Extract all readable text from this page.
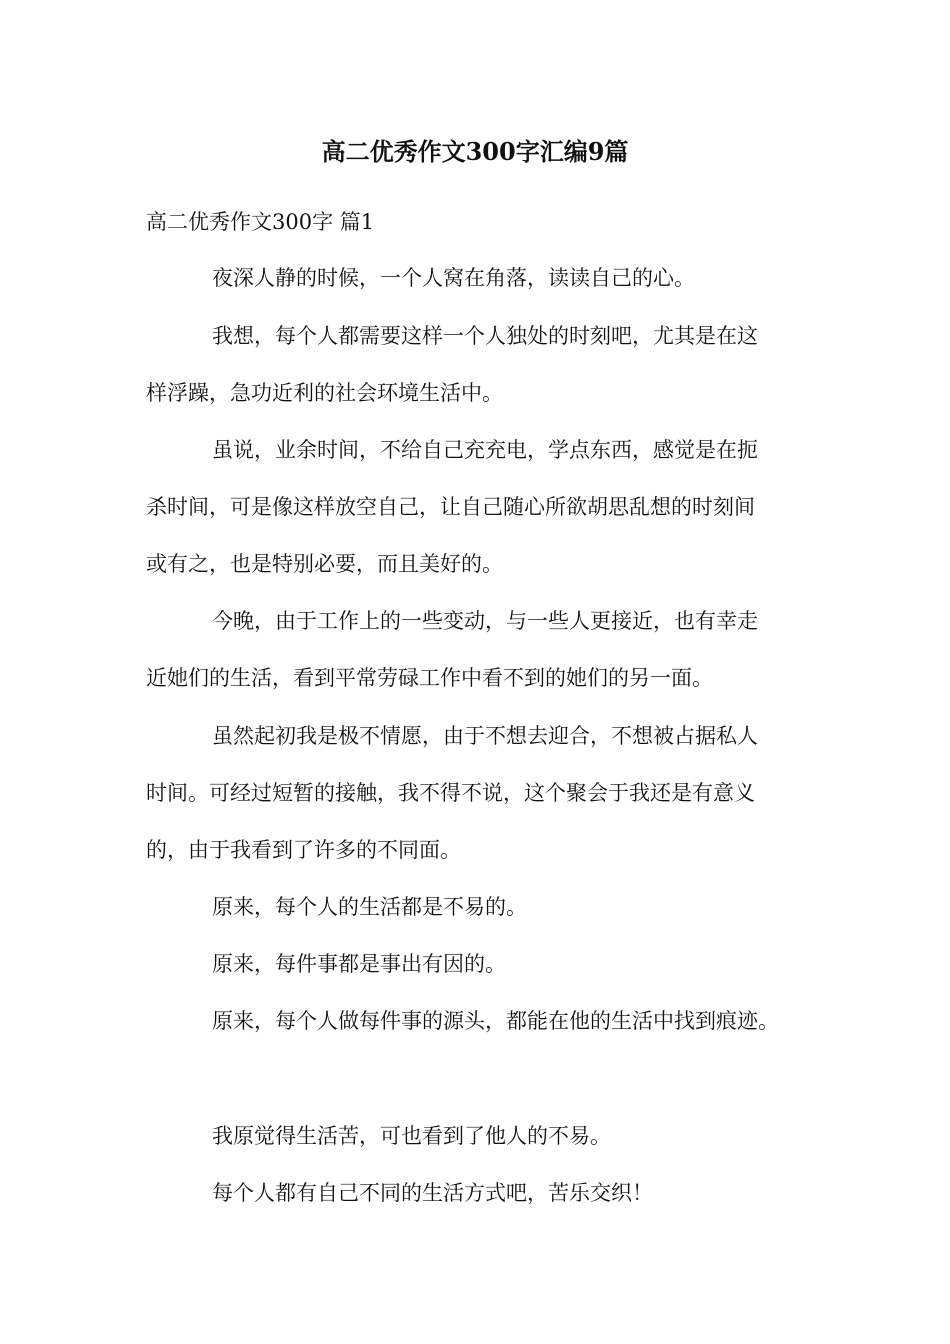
高二优秀作文300字汇编9篇
高二优秀作文300字 篇1
夜深人静的时候，一个人窝在角落，读读自己的心。
我想，每个人都需要这样一个人独处的时刻吧，尤其是在这
样浮躁，急功近利的社会环境生活中。
虽说，业余时间，不给自己充充电，学点东西，感觉是在扼
杀时间，可是像这样放空自己，让自己随心所欲胡思乱想的时刻间
或有之，也是特别必要，而且美好的。
今晚，由于工作上的一些变动，与一些人更接近，也有幸走
近她们的生活，看到平常劳碌工作中看不到的她们的另一面。
虽然起初我是极不情愿，由于不想去迎合，不想被占据私人
时间。可经过短暂的接触，我不得不说，这个聚会于我还是有意义
的，由于我看到了许多的不同面。
原来，每个人的生活都是不易的。
原来，每件事都是事出有因的。
原来，每个人做每件事的源头，都能在他的生活中找到痕迹。
我原觉得生活苦，可也看到了他人的不易。
每个人都有自己不同的生活方式吧，苦乐交织！
